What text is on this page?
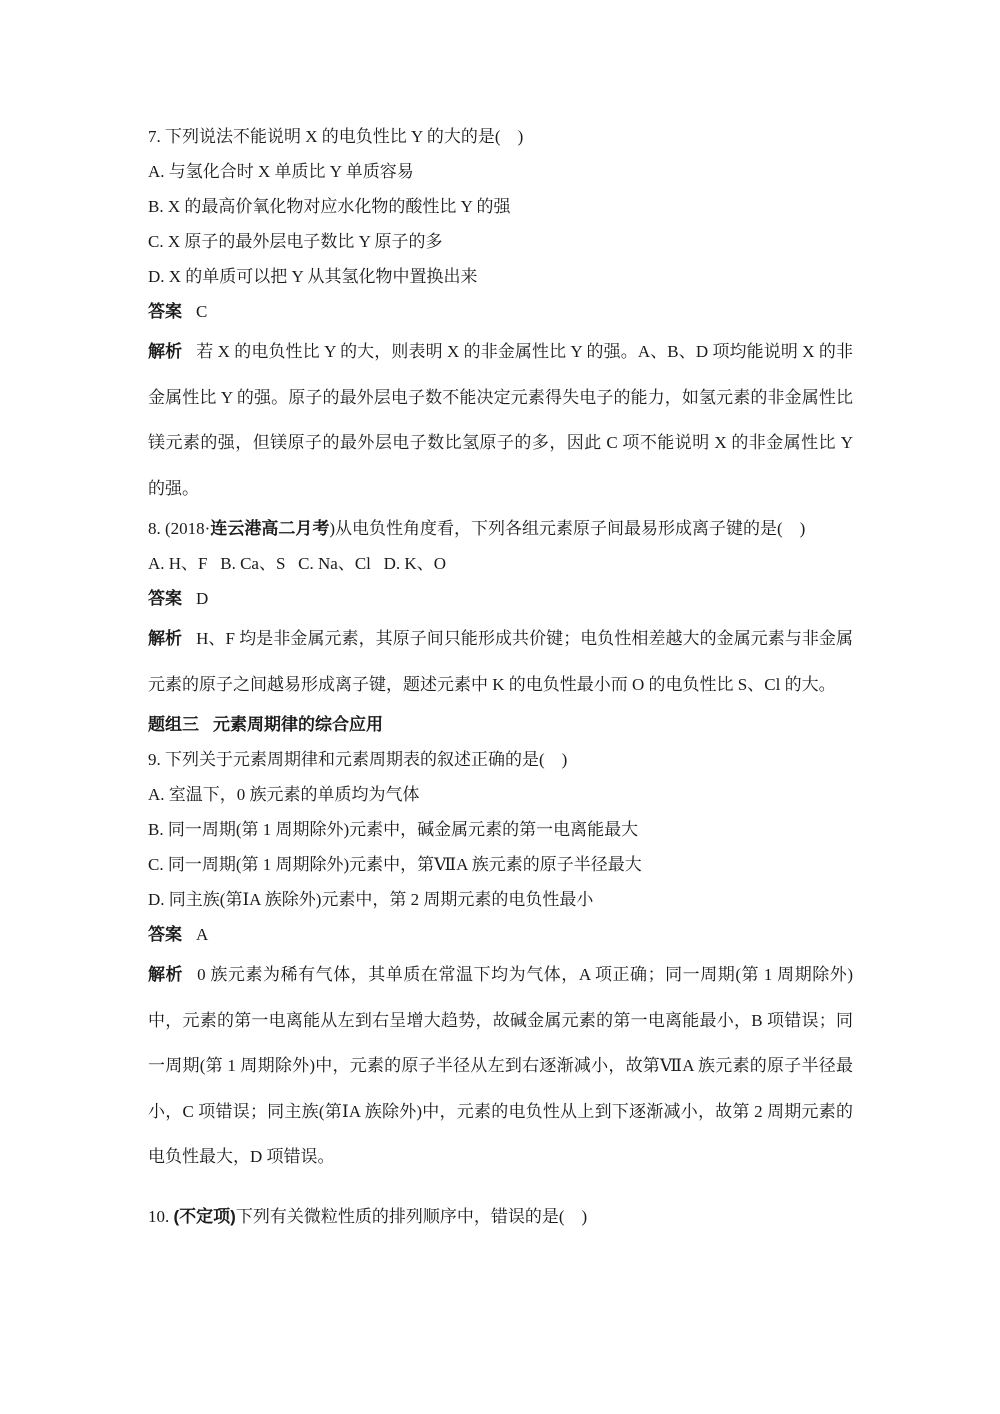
7. 下列说法不能说明 X 的电负性比 Y 的大的是(    )
A. 与氢化合时 X 单质比 Y 单质容易
B. X 的最高价氧化物对应水化物的酸性比 Y 的强
C. X 原子的最外层电子数比 Y 原子的多
D. X 的单质可以把 Y 从其氢化物中置换出来
答案 C
解析 若 X 的电负性比 Y 的大，则表明 X 的非金属性比 Y 的强。A、B、D 项均能说明 X 的非金属性比 Y 的强。原子的最外层电子数不能决定元素得失电子的能力，如氢元素的非金属性比镁元素的强，但镁原子的最外层电子数比氢原子的多，因此 C 项不能说明 X 的非金属性比 Y 的强。
8. (2018·连云港高二月考)从电负性角度看，下列各组元素原子间最易形成离子键的是(    )
A. H、F   B. Ca、S   C. Na、Cl   D. K、O
答案 D
解析 H、F 均是非金属元素，其原子间只能形成共价键；电负性相差越大的金属元素与非金属元素的原子之间越易形成离子键，题述元素中 K 的电负性最小而 O 的电负性比 S、Cl 的大。
题组三 元素周期律的综合应用
9. 下列关于元素周期律和元素周期表的叙述正确的是(    )
A. 室温下，0 族元素的单质均为气体
B. 同一周期(第 1 周期除外)元素中，碱金属元素的第一电离能最大
C. 同一周期(第 1 周期除外)元素中，第ⅦA 族元素的原子半径最大
D. 同主族(第ⅠA 族除外)元素中，第 2 周期元素的电负性最小
答案 A
解析 0 族元素为稀有气体，其单质在常温下均为气体，A 项正确；同一周期(第 1 周期除外)中，元素的第一电离能从左到右呈增大趋势，故碱金属元素的第一电离能最小，B 项错误；同一周期(第 1 周期除外)中，元素的原子半径从左到右逐渐减小，故第ⅦA 族元素的原子半径最小，C 项错误；同主族(第ⅠA 族除外)中，元素的电负性从上到下逐渐减小，故第 2 周期元素的电负性最大，D 项错误。
10. (不定项)下列有关微粒性质的排列顺序中，错误的是(    )
